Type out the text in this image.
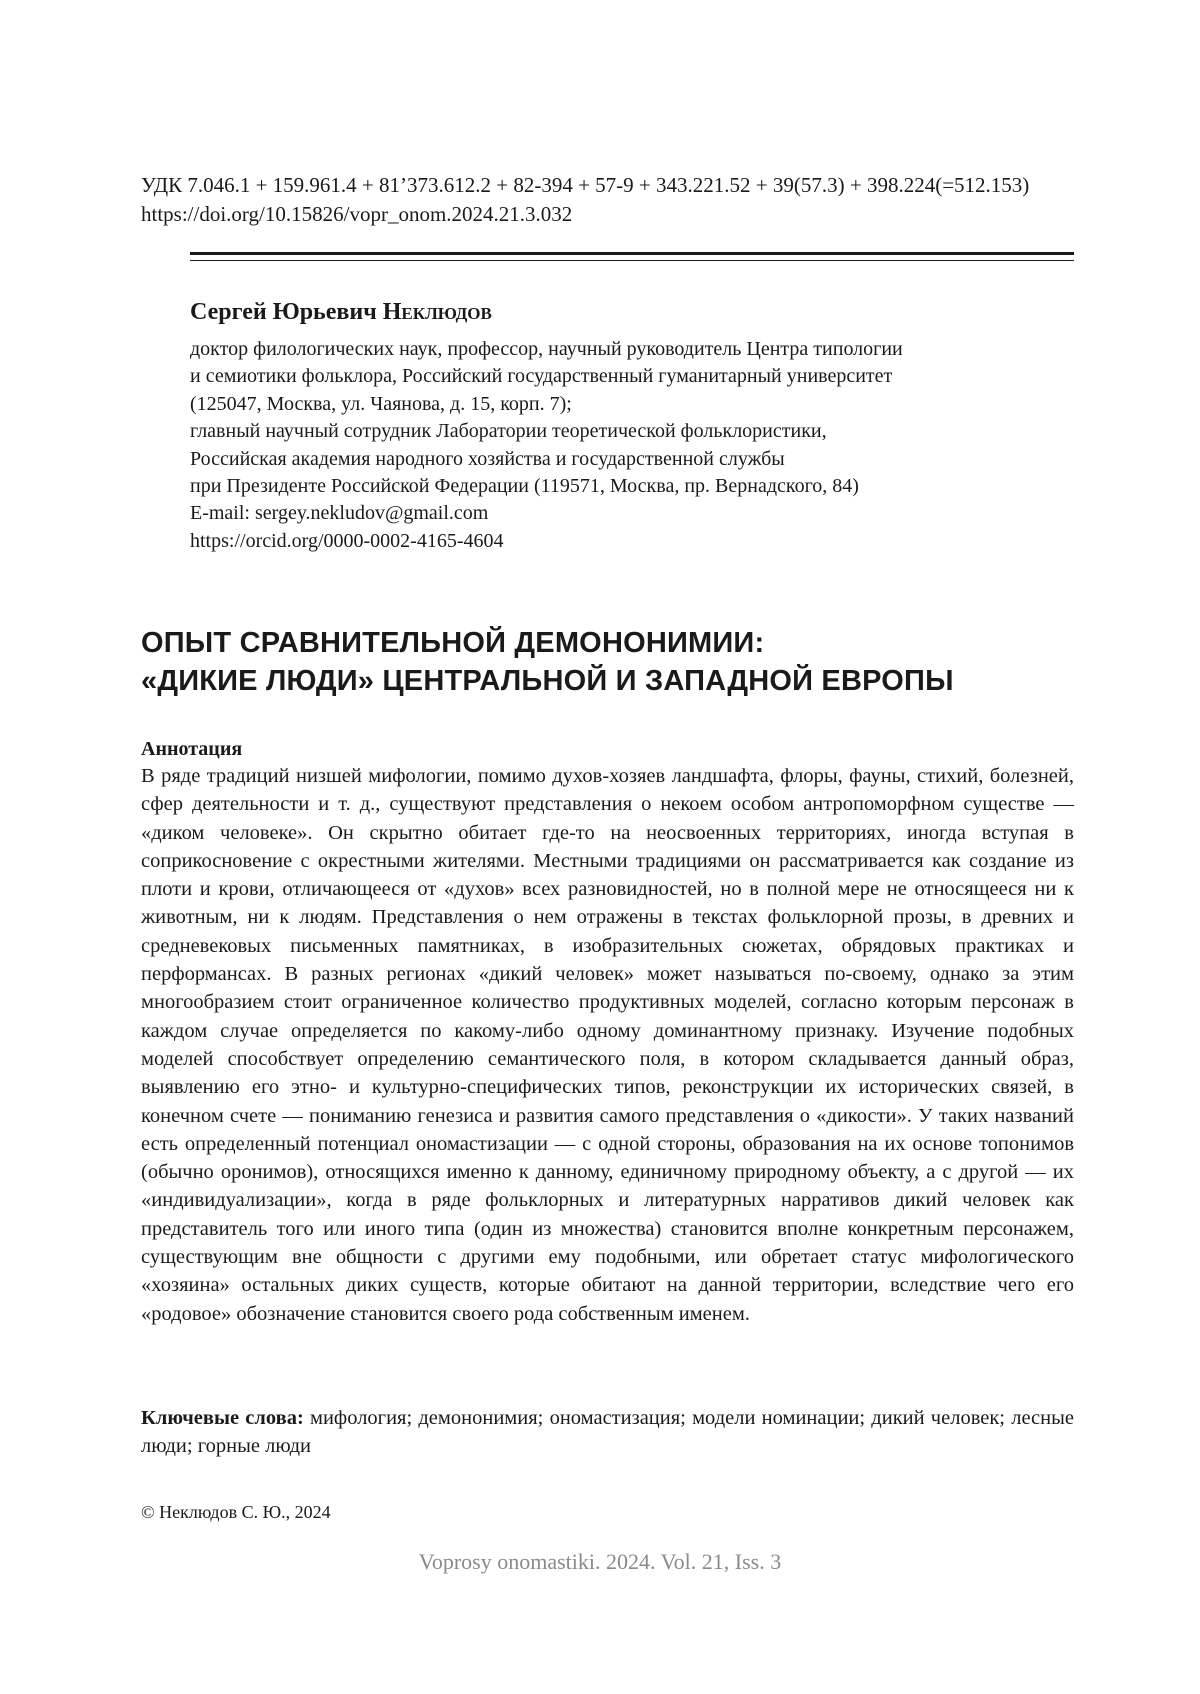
УДК 7.046.1 + 159.961.4 + 81’373.612.2 + 82-394 + 57-9 + 343.221.52 + 39(57.3) + 398.224(=512.153)
https://doi.org/10.15826/vopr_onom.2024.21.3.032
Сергей Юрьевич Неклюдов
доктор филологических наук, профессор, научный руководитель Центра типологии
и семиотики фольклора, Российский государственный гуманитарный университет
(125047, Москва, ул. Чаянова, д. 15, корп. 7);
главный научный сотрудник Лаборатории теоретической фольклористики,
Российская академия народного хозяйства и государственной службы
при Президенте Российской Федерации (119571, Москва, пр. Вернадского, 84)
E-mail: sergey.nekludov@gmail.com
https://orcid.org/0000-0002-4165-4604
ОПЫТ СРАВНИТЕЛЬНОЙ ДЕМОНОНИМИИ:
«ДИКИЕ ЛЮДИ» ЦЕНТРАЛЬНОЙ И ЗАПАДНОЙ ЕВРОПЫ
Аннотация

В ряде традиций низшей мифологии, помимо духов-хозяев ландшафта, флоры, фауны, стихий, болезней, сфер деятельности и т. д., существуют представления о некоем особом антропоморфном существе — «диком человеке». Он скрытно обитает где-то на неосвоенных территориях, иногда вступая в соприкосновение с окрестными жителями. Местными традициями он рассматривается как создание из плоти и крови, отличающееся от «духов» всех разновидностей, но в полной мере не относящееся ни к животным, ни к людям. Представления о нем отражены в текстах фольклорной прозы, в древних и средневековых письменных памятниках, в изобразительных сюжетах, обрядовых практиках и перформансах. В разных регионах «дикий человек» может называться по-своему, однако за этим многообразием стоит ограниченное количество продуктивных моделей, согласно которым персонаж в каждом случае определяется по какому-либо одному доминантному признаку. Изучение подобных моделей способствует определению семантического поля, в котором складывается данный образ, выявлению его этно- и культурно-специфических типов, реконструкции их исторических связей, в конечном счете — пониманию генезиса и развития самого представления о «дикости». У таких названий есть определенный потенциал ономастизации — с одной стороны, образования на их основе топонимов (обычно оронимов), относящихся именно к данному, единичному природному объекту, а с другой — их «индивидуализации», когда в ряде фольклорных и литературных нарративов дикий человек как представитель того или иного типа (один из множества) становится вполне конкретным персонажем, существующим вне общности с другими ему подобными, или обретает статус мифологического «хозяина» остальных диких существ, которые обитают на данной территории, вследствие чего его «родовое» обозначение становится своего рода собственным именем.

Ключевые слова: мифология; демононимия; ономастизация; модели номинации; дикий человек; лесные люди; горные люди

© Неклюдов С. Ю., 2024
Voprosy onomastiki. 2024. Vol. 21, Iss. 3
